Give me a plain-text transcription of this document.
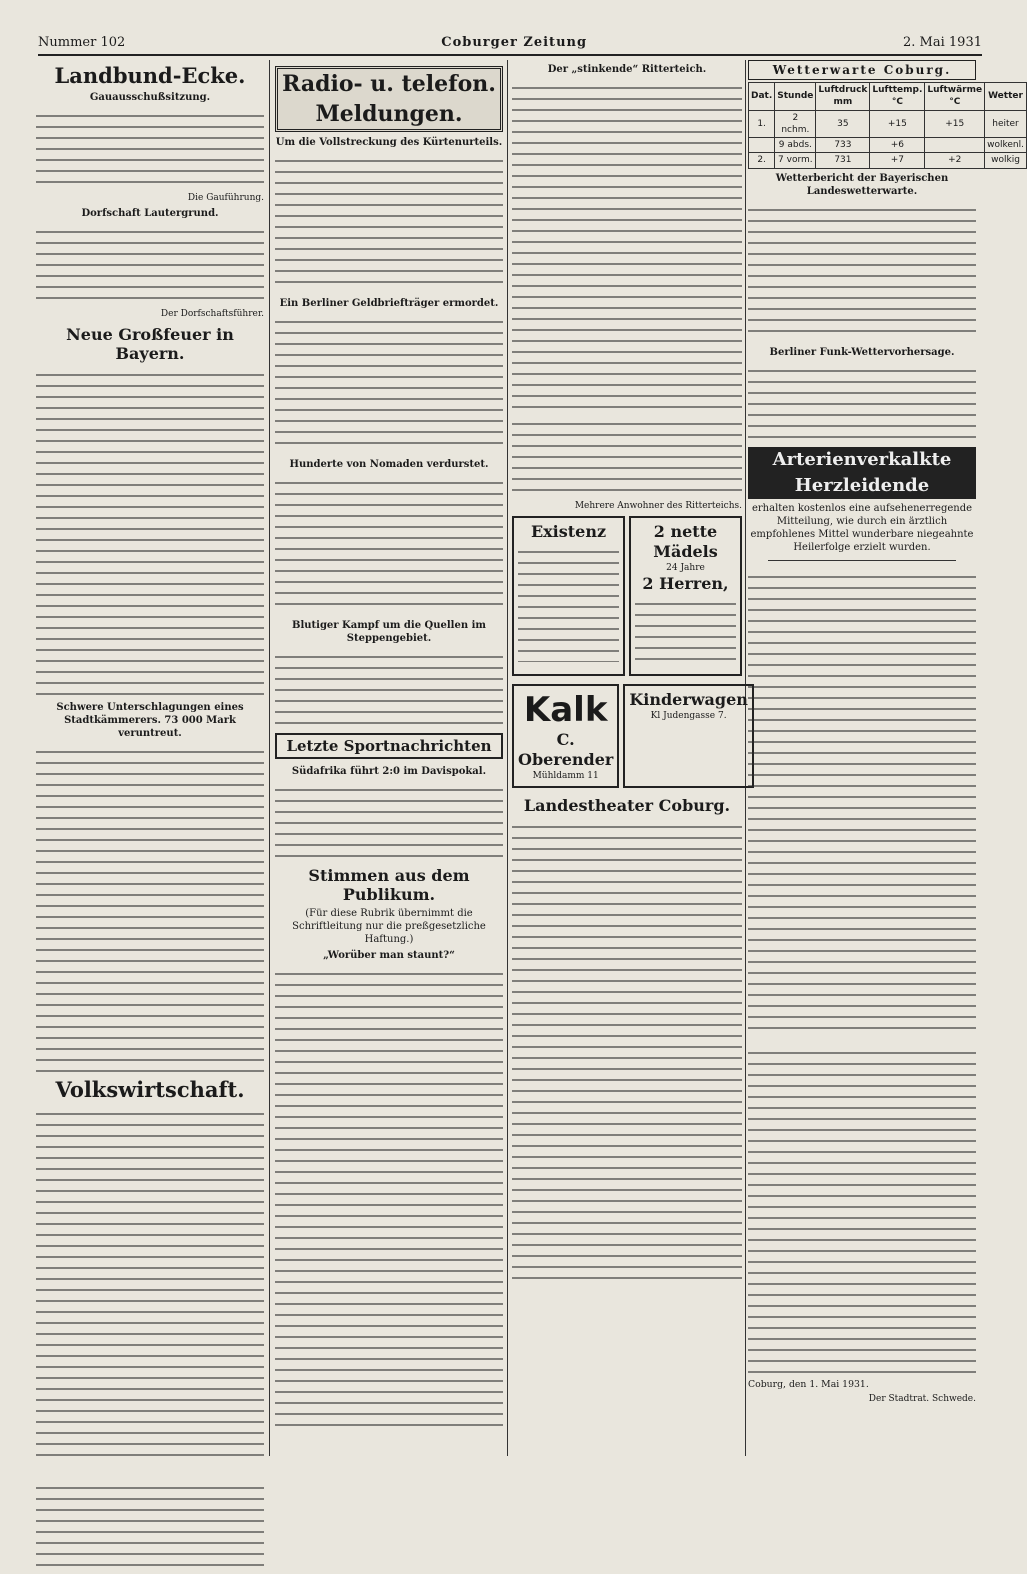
Nummer 102	Coburger Zeitung	2. Mai 1931
Landbund-Ecke.
Gauausschußsitzung.
Die Gauführung.
Dorfschaft Lautergrund.
Der Dorfschaftsführer.
Neue Großfeuer in Bayern.
Schwere Unterschlagungen eines Stadtkämmerers. 73 000 Mark veruntreut.
Volkswirtschaft.
Radio- u. telefon. Meldungen.
Um die Vollstreckung des Kürtenurteils.
Ein Berliner Geldbriefträger ermordet.
Hunderte von Nomaden verdurstet.
Blutiger Kampf um die Quellen im Steppengebiet.
Letzte Sportnachrichten
Südafrika führt 2:0 im Davispokal.
Stimmen aus dem Publikum.
(Für diese Rubrik übernimmt die Schriftleitung nur die preßgesetzliche Haftung.)
„Worüber man staunt?“
Der „stinkende“ Ritterteich.
Mehrere Anwohner des Ritterteichs.
Existenz	2 nette Mädels
24 Jahre
2 Herren,
Kalk
C. Oberender
Mühldamm 11
Kinderwagen
Kl Judengasse 7.
Landestheater Coburg.
Wetterwarte Coburg.
Dat.	Stunde	Luftdruck mm	Lufttemp. °C	Luftwärme °C	Wetter
1.	2 nchm.	35	+15	+15	heiter
	9 abds.	733	+6		wolkenl.
2.	7 vorm.	731	+7	+2	wolkig
Wetterbericht der Bayerischen Landeswetterwarte.
Berliner Funk-Wettervorhersage.
Arterienverkalkte Herzleidende
erhalten kostenlos eine aufsehenerregende Mitteilung, wie durch ein ärztlich empfohlenes Mittel wunderbare niegeahnte Heilerfolge erzielt wurden.
Coburg, den 1. Mai 1931.
Der Stadtrat. Schwede.
